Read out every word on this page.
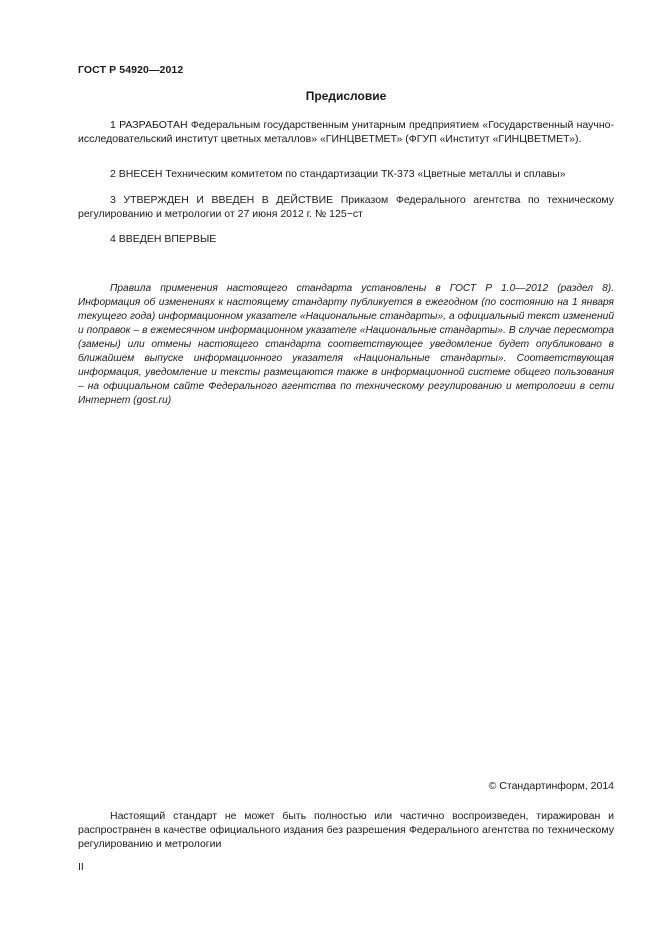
ГОСТ Р 54920—2012
Предисловие

1 РАЗРАБОТАН Федеральным государственным унитарным предприятием «Государственный научно-исследовательский институт цветных металлов» «ГИНЦВЕТМЕТ» (ФГУП «Институт «ГИНЦВЕТМЕТ»).

2 ВНЕСЕН Техническим комитетом по стандартизации ТК-373 «Цветные металлы и сплавы»

3 УТВЕРЖДЕН И ВВЕДЕН В ДЕЙСТВИЕ Приказом Федерального агентства по техническому регулированию и метрологии от 27 июня 2012 г. № 125−ст

4 ВВЕДЕН ВПЕРВЫЕ

Правила применения настоящего стандарта установлены в ГОСТ Р 1.0—2012 (раздел 8). Информация об изменениях к настоящему стандарту публикуется в ежегодном (по состоянию на 1 января текущего года) информационном указателе «Национальные стандарты», а официальный текст изменений и поправок – в ежемесячном информационном указателе «Национальные стандарты». В случае пересмотра (замены) или отмены настоящего стандарта соответствующее уведомление будет опубликовано в ближайшем выпуске информационного указателя «Национальные стандарты». Соответствующая информация, уведомление и тексты размещаются также в информационной системе общего пользования – на официальном сайте Федерального агентства по техническому регулированию и метрологии в сети Интернет (gost.ru)
© Стандартинформ, 2014
Настоящий стандарт не может быть полностью или частично воспроизведен, тиражирован и распространен в качестве официального издания без разрешения Федерального агентства по техническому регулированию и метрологии
II
